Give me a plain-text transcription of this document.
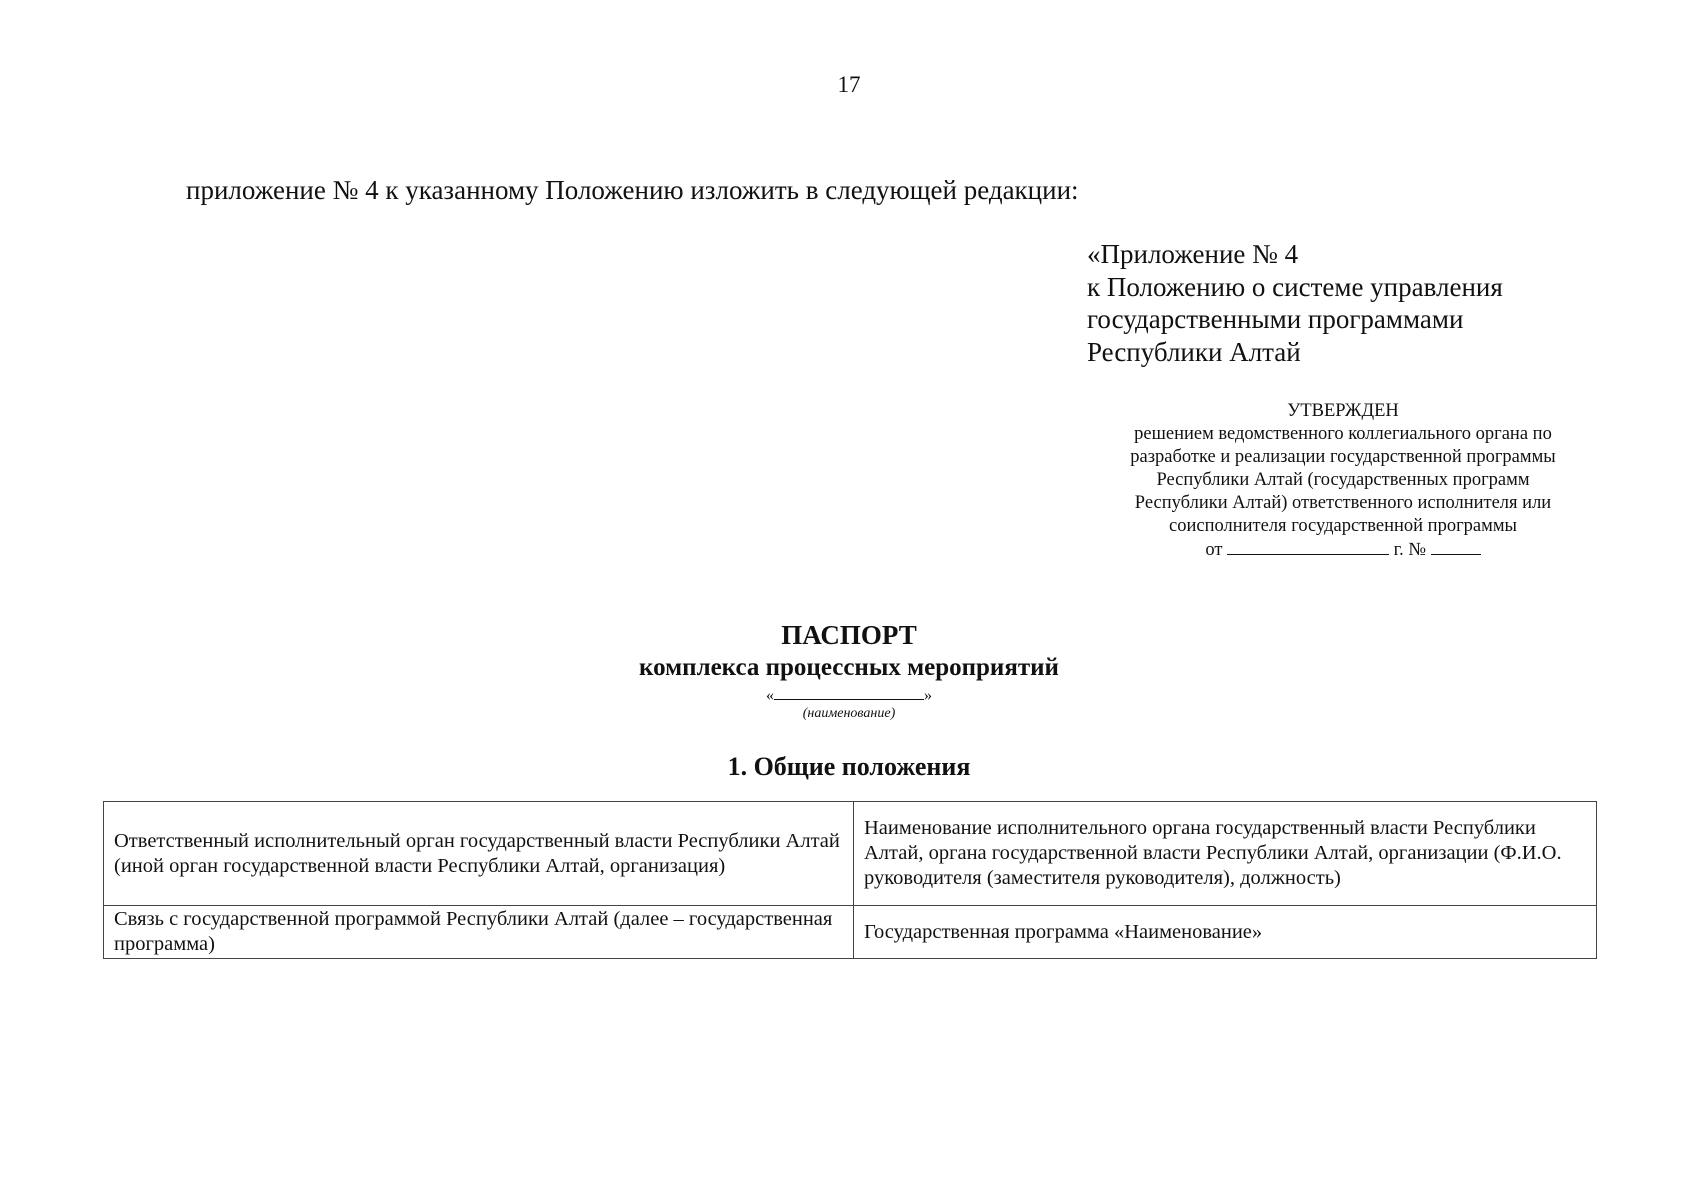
17
приложение № 4 к указанному Положению изложить в следующей редакции:
«Приложение № 4
к Положению о системе управления
государственными программами
Республики Алтай
УТВЕРЖДЕН
решением ведомственного коллегиального органа по
разработке и реализации государственной программы
Республики Алтай (государственных программ
Республики Алтай) ответственного исполнителя или
соисполнителя государственной программы
от	г. №
ПАСПОРТ
комплекса процессных мероприятий
«	»
(наименование)
1. Общие положения
Ответственный исполнительный орган государственный власти Республики Алтай (иной орган государственной власти Республики Алтай, организация)	Наименование исполнительного органа государственный власти Республики Алтай, органа государственной власти Республики Алтай, организации (Ф.И.О. руководителя (заместителя руководителя), должность)
Связь с государственной программой Республики Алтай (далее – государственная программа)	Государственная программа «Наименование»
